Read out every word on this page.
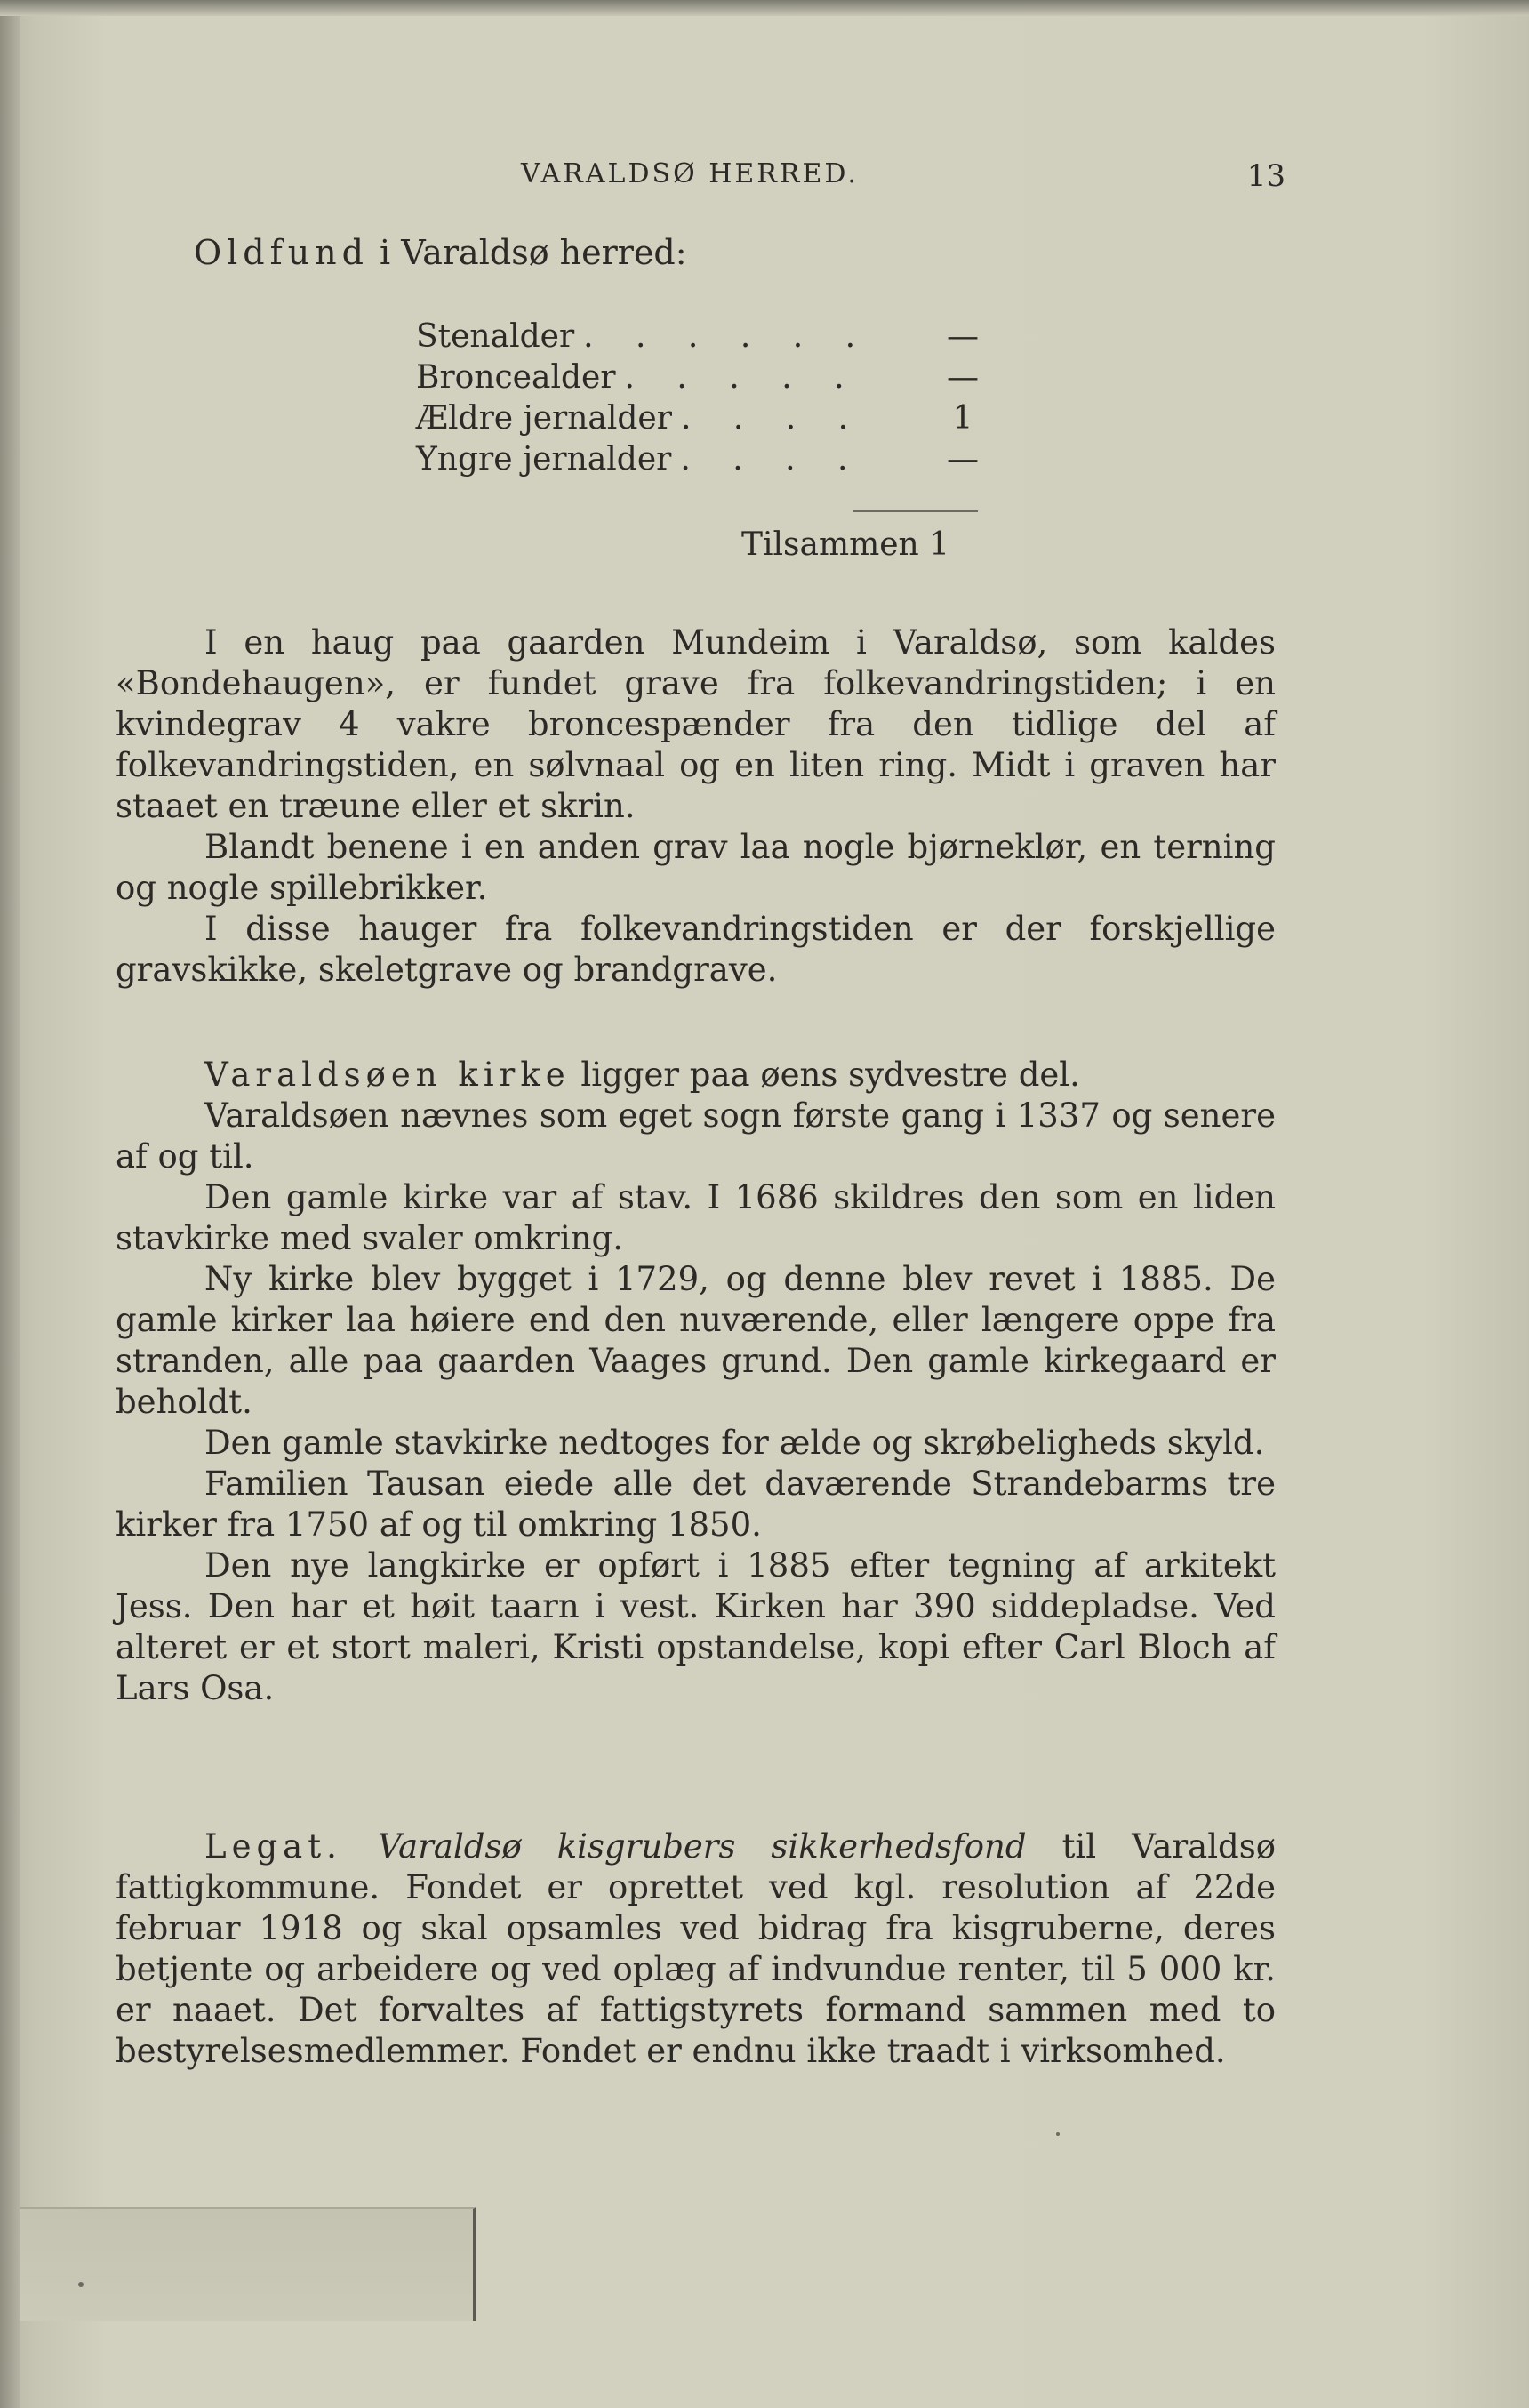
VARALDSØ HERRED.	13
Oldfund i Varaldsø herred:
Stenalder . . . . . .	—
Broncealder . . . . .	—
Ældre jernalder . . . .	1
Yngre jernalder . . . .	—
Tilsammen 1

I en haug paa gaarden Mundeim i Varaldsø, som kaldes «Bondehaugen», er fundet grave fra folkevandringstiden; i en kvindegrav 4 vakre broncespænder fra den tidlige del af folkevandringstiden, en sølvnaal og en liten ring. Midt i graven har staaet en træune eller et skrin.

Blandt benene i en anden grav laa nogle bjørneklør, en terning og nogle spillebrikker.

I disse hauger fra folkevandringstiden er der forskjellige gravskikke, skeletgrave og brandgrave.

Varaldsøen kirke ligger paa øens sydvestre del.

Varaldsøen nævnes som eget sogn første gang i 1337 og senere af og til.

Den gamle kirke var af stav. I 1686 skildres den som en liden stavkirke med svaler omkring.

Ny kirke blev bygget i 1729, og denne blev revet i 1885. De gamle kirker laa høiere end den nuværende, eller længere oppe fra stranden, alle paa gaarden Vaages grund. Den gamle kirkegaard er beholdt.

Den gamle stavkirke nedtoges for ælde og skrøbeligheds skyld.

Familien Tausan eiede alle det daværende Strandebarms tre kirker fra 1750 af og til omkring 1850.

Den nye langkirke er opført i 1885 efter tegning af arkitekt Jess. Den har et høit taarn i vest. Kirken har 390 siddepladse. Ved alteret er et stort maleri, Kristi opstandelse, kopi efter Carl Bloch af Lars Osa.

Legat. Varaldsø kisgrubers sikkerhedsfond til Varaldsø fattigkommune. Fondet er oprettet ved kgl. resolution af 22de februar 1918 og skal opsamles ved bidrag fra kisgruberne, deres betjente og arbeidere og ved oplæg af indvundue renter, til 5 000 kr. er naaet. Det forvaltes af fattigstyrets formand sammen med to bestyrelsesmedlemmer. Fondet er endnu ikke traadt i virksomhed.
